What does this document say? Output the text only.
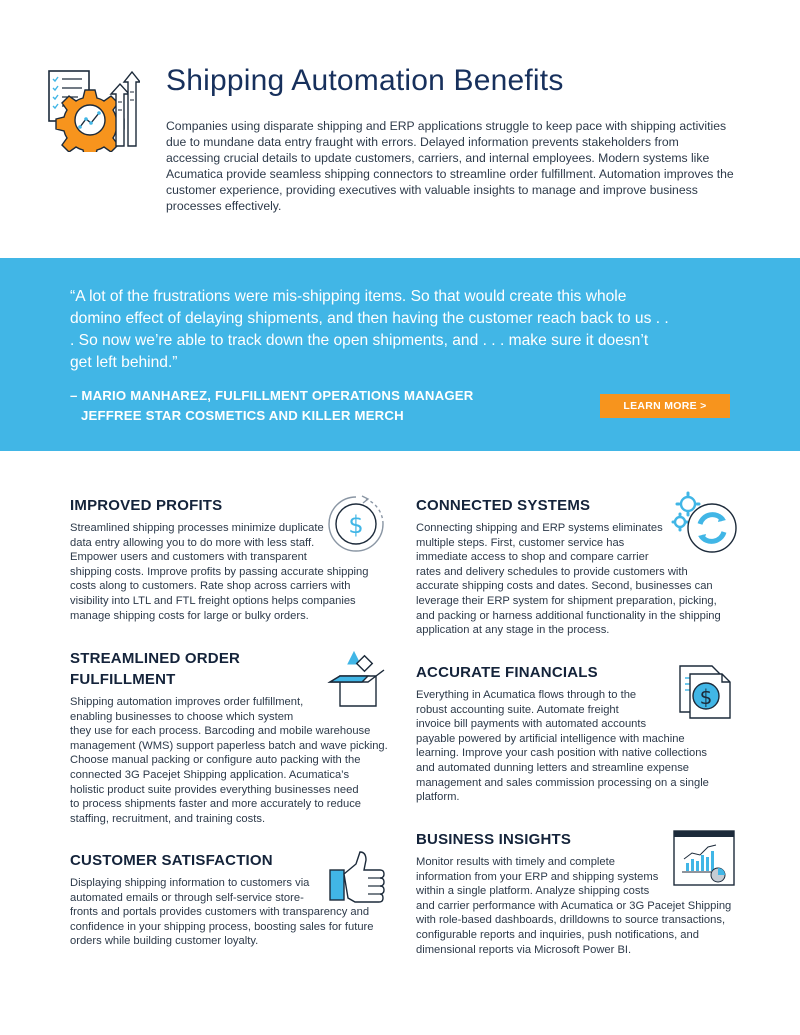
Shipping Automation Benefits

Companies using disparate shipping and ERP applications struggle to keep pace with shipping activities due to mundane data entry fraught with errors. Delayed information prevents stakeholders from accessing crucial details to update customers, carriers, and internal employees. Modern systems like Acumatica provide seamless shipping connectors to streamline order fulfillment. Automation improves the customer experience, providing executives with valuable insights to manage and improve business processes effectively.

“A lot of the frustrations were mis-shipping items. So that would create this whole domino effect of delaying shipments, and then having the customer reach back to us . . . So now we’re able to track down the open shipments, and . . . make sure it doesn’t get left behind.”

– MARIO MANHAREZ, FULFILLMENT OPERATIONS MANAGER
JEFFREE STAR COSMETICS AND KILLER MERCH
LEARN MORE >
IMPROVED PROFITS
Streamlined shipping processes minimize duplicate
data entry allowing you to do more with less staff.
Empower users and customers with transparent
shipping costs. Improve profits by passing accurate shipping
costs along to customers. Rate shop across carriers with
visibility into LTL and FTL freight options helps companies
manage shipping costs for large or bulky orders.
$
CONNECTED SYSTEMS
Connecting shipping and ERP systems eliminates
multiple steps. First, customer service has
immediate access to shop and compare carrier
rates and delivery schedules to provide customers with
accurate shipping costs and dates. Second, businesses can
leverage their ERP system for shipment preparation, picking,
and packing or harness additional functionality in the shipping
application at any stage in the process.
STREAMLINED ORDER
FULFILLMENT
Shipping automation improves order fulfillment,
enabling businesses to choose which system
they use for each process. Barcoding and mobile warehouse
management (WMS) support paperless batch and wave picking.
Choose manual packing or configure auto packing with the
connected 3G Pacejet Shipping application. Acumatica’s
holistic product suite provides everything businesses need
to process shipments faster and more accurately to reduce
staffing, recruitment, and training costs.
ACCURATE FINANCIALS
Everything in Acumatica flows through to the
robust accounting suite. Automate freight
invoice bill payments with automated accounts
payable powered by artificial intelligence with machine
learning. Improve your cash position with native collections
and automated dunning letters and streamline expense
management and sales commission processing on a single
platform.
$
CUSTOMER SATISFACTION
Displaying shipping information to customers via
automated emails or through self-service store-
fronts and portals provides customers with transparency and
confidence in your shipping process, boosting sales for future
orders while building customer loyalty.
BUSINESS INSIGHTS
Monitor results with timely and complete
information from your ERP and shipping systems
within a single platform. Analyze shipping costs
and carrier performance with Acumatica or 3G Pacejet Shipping
with role-based dashboards, drilldowns to source transactions,
configurable reports and inquiries, push notifications, and
dimensional reports via Microsoft Power BI.
